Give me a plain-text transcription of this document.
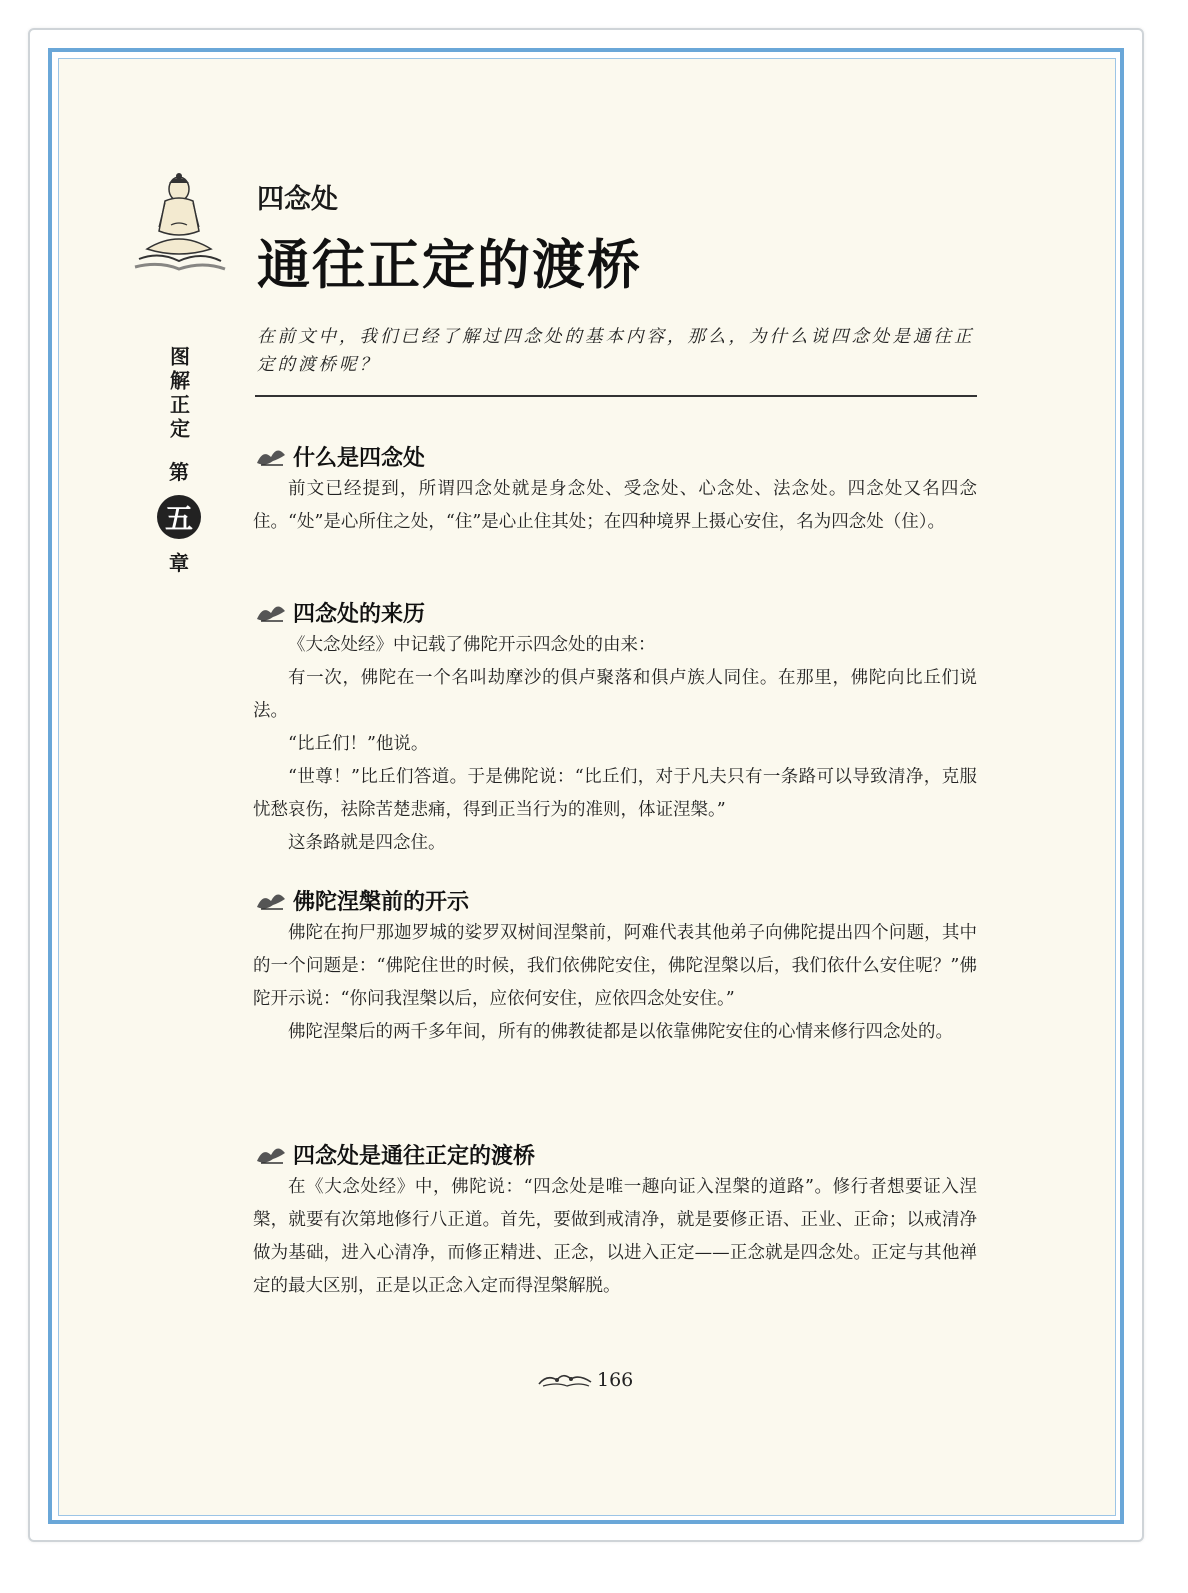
图解正定
第
五
章
四念处
通往正定的渡桥
在前文中，我们已经了解过四念处的基本内容，那么，为什么说四念处是通往正定的渡桥呢？
什么是四念处

前文已经提到，所谓四念处就是身念处、受念处、心念处、法念处。四念处又名四念住。“处”是心所住之处，“住”是心止住其处；在四种境界上摄心安住，名为四念处（住）。

四念处的来历

《大念处经》中记载了佛陀开示四念处的由来：

有一次，佛陀在一个名叫劫摩沙的俱卢聚落和俱卢族人同住。在那里，佛陀向比丘们说法。

“比丘们！”他说。

“世尊！”比丘们答道。于是佛陀说：“比丘们，对于凡夫只有一条路可以导致清净，克服忧愁哀伤，祛除苦楚悲痛，得到正当行为的准则，体证涅槃。”

这条路就是四念住。

佛陀涅槃前的开示

佛陀在拘尸那迦罗城的娑罗双树间涅槃前，阿难代表其他弟子向佛陀提出四个问题，其中的一个问题是：“佛陀住世的时候，我们依佛陀安住，佛陀涅槃以后，我们依什么安住呢？”佛陀开示说：“你问我涅槃以后，应依何安住，应依四念处安住。”

佛陀涅槃后的两千多年间，所有的佛教徒都是以依靠佛陀安住的心情来修行四念处的。

四念处是通往正定的渡桥

在《大念处经》中，佛陀说：“四念处是唯一趣向证入涅槃的道路”。修行者想要证入涅槃，就要有次第地修行八正道。首先，要做到戒清净，就是要修正语、正业、正命；以戒清净做为基础，进入心清净，而修正精进、正念，以进入正定——正念就是四念处。正定与其他禅定的最大区别，正是以正念入定而得涅槃解脱。

166
